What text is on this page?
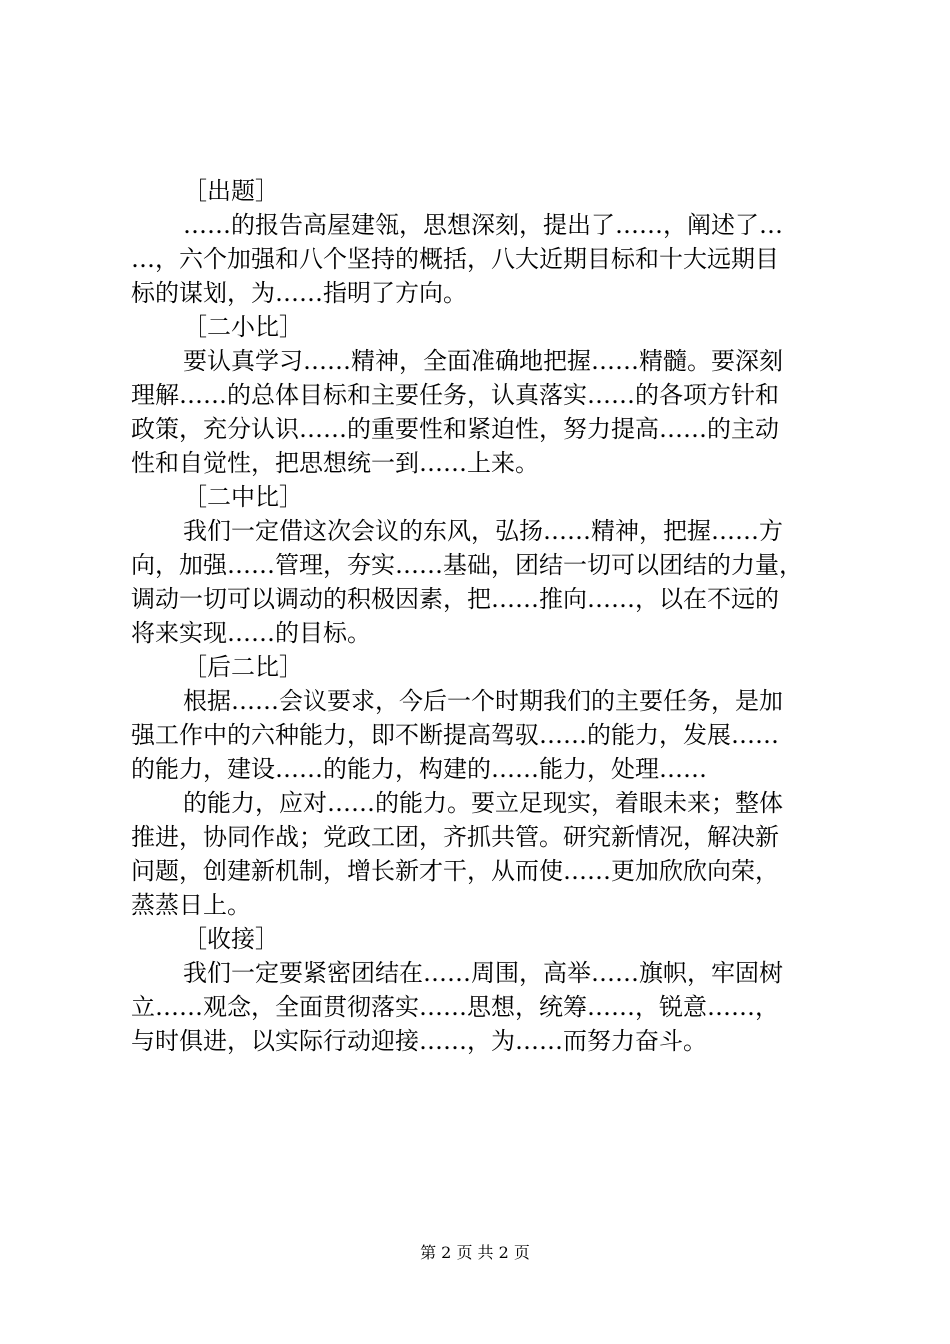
［出题］
……的报告高屋建瓴，思想深刻，提出了……，阐述了…
…，六个加强和八个坚持的概括，八大近期目标和十大远期目
标的谋划，为……指明了方向。
［二小比］
要认真学习……精神，全面准确地把握……精髓。要深刻
理解……的总体目标和主要任务，认真落实……的各项方针和
政策，充分认识……的重要性和紧迫性，努力提高……的主动
性和自觉性，把思想统一到……上来。
［二中比］
我们一定借这次会议的东风，弘扬……精神，把握……方
向，加强……管理，夯实……基础，团结一切可以团结的力量，
调动一切可以调动的积极因素，把……推向……，以在不远的
将来实现……的目标。
［后二比］
根据……会议要求，今后一个时期我们的主要任务，是加
强工作中的六种能力，即不断提高驾驭……的能力，发展……
的能力，建设……的能力，构建的……能力，处理……
的能力，应对……的能力。要立足现实，着眼未来；整体
推进，协同作战；党政工团，齐抓共管。研究新情况，解决新
问题，创建新机制，增长新才干，从而使……更加欣欣向荣，
蒸蒸日上。
［收接］
我们一定要紧密团结在……周围，高举……旗帜，牢固树
立……观念，全面贯彻落实……思想，统筹……，锐意……，
与时俱进，以实际行动迎接……，为……而努力奋斗。
第 2 页 共 2 页
